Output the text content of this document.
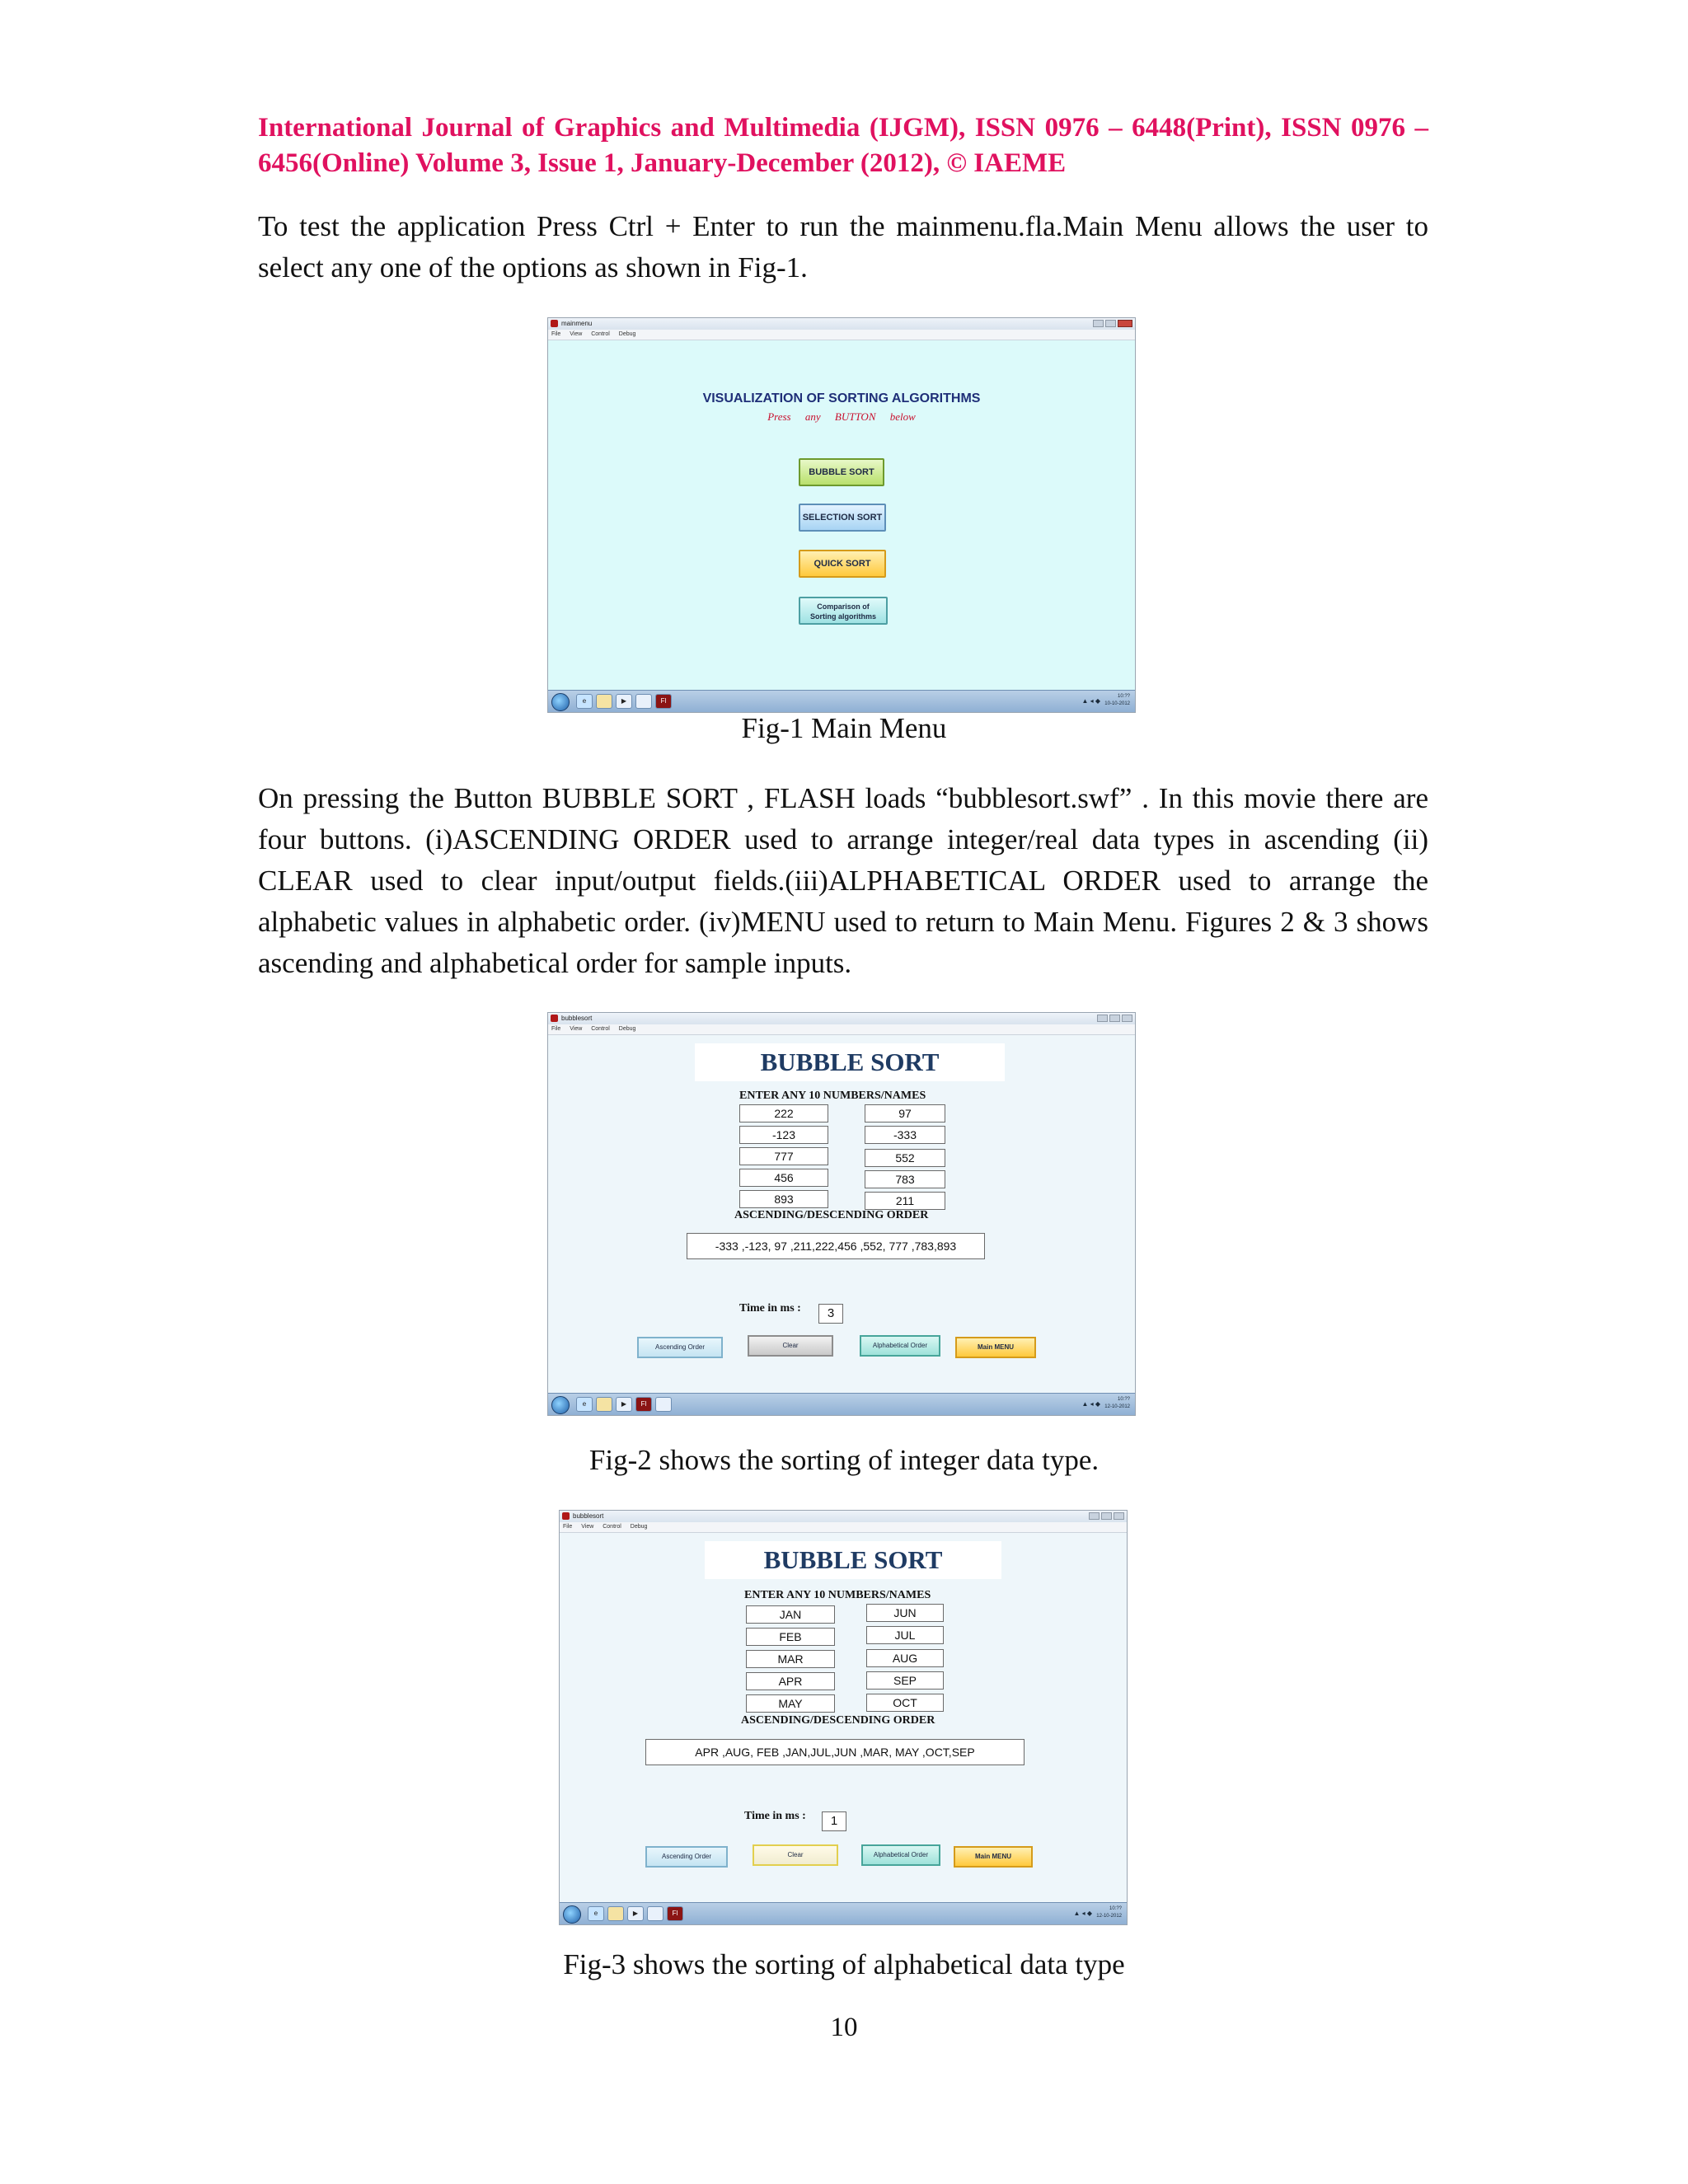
International Journal of Graphics and Multimedia (IJGM), ISSN 0976 – 6448(Print), ISSN 0976 – 6456(Online) Volume 3, Issue 1, January-December (2012), © IAEME

To test the application Press Ctrl + Enter to run the mainmenu.fla.Main Menu allows the user to select any one of the options as shown in Fig-1.

mainmenu
File View Control Debug
VISUALIZATION OF SORTING ALGORITHMS
Press any BUTTON below
BUBBLE SORT
SELECTION SORT
QUICK SORT
Comparison of
Sorting algorithms
e	▶	Fl	▲ ◂ ◆
10:??
10-10-2012

Fig-1 Main Menu

On pressing the Button BUBBLE SORT , FLASH loads “bubblesort.swf” . In this movie there are four buttons. (i)ASCENDING ORDER used to arrange integer/real data types in ascending (ii) CLEAR used to clear input/output fields.(iii)ALPHABETICAL ORDER used to arrange the alphabetic values in alphabetic order. (iv)MENU used to return to Main Menu. Figures 2 & 3 shows ascending and alphabetical order for sample inputs.

bubblesort
File View Control Debug
BUBBLE SORT
ENTER ANY 10 NUMBERS/NAMES
222
-123
777
456
893
97
-333
552
783
211
ASCENDING/DESCENDING ORDER
-333 ,-123, 97 ,211,222,456 ,552, 777 ,783,893
Time in ms :	3
Ascending Order	Clear	Alphabetical Order	Main MENU
e	▶	Fl	▲ ◂ ◆
10:??
12-10-2012

Fig-2 shows the sorting of integer data type.

bubblesort
File View Control Debug
BUBBLE SORT
ENTER ANY 10 NUMBERS/NAMES
JAN
FEB
MAR
APR
MAY
JUN
JUL
AUG
SEP
OCT
ASCENDING/DESCENDING ORDER
APR ,AUG, FEB ,JAN,JUL,JUN ,MAR, MAY ,OCT,SEP
Time in ms :	1
Ascending Order	Clear	Alphabetical Order	Main MENU
e	▶	Fl	▲ ◂ ◆
10:??
12-10-2012

Fig-3 shows the sorting of alphabetical data type

10
